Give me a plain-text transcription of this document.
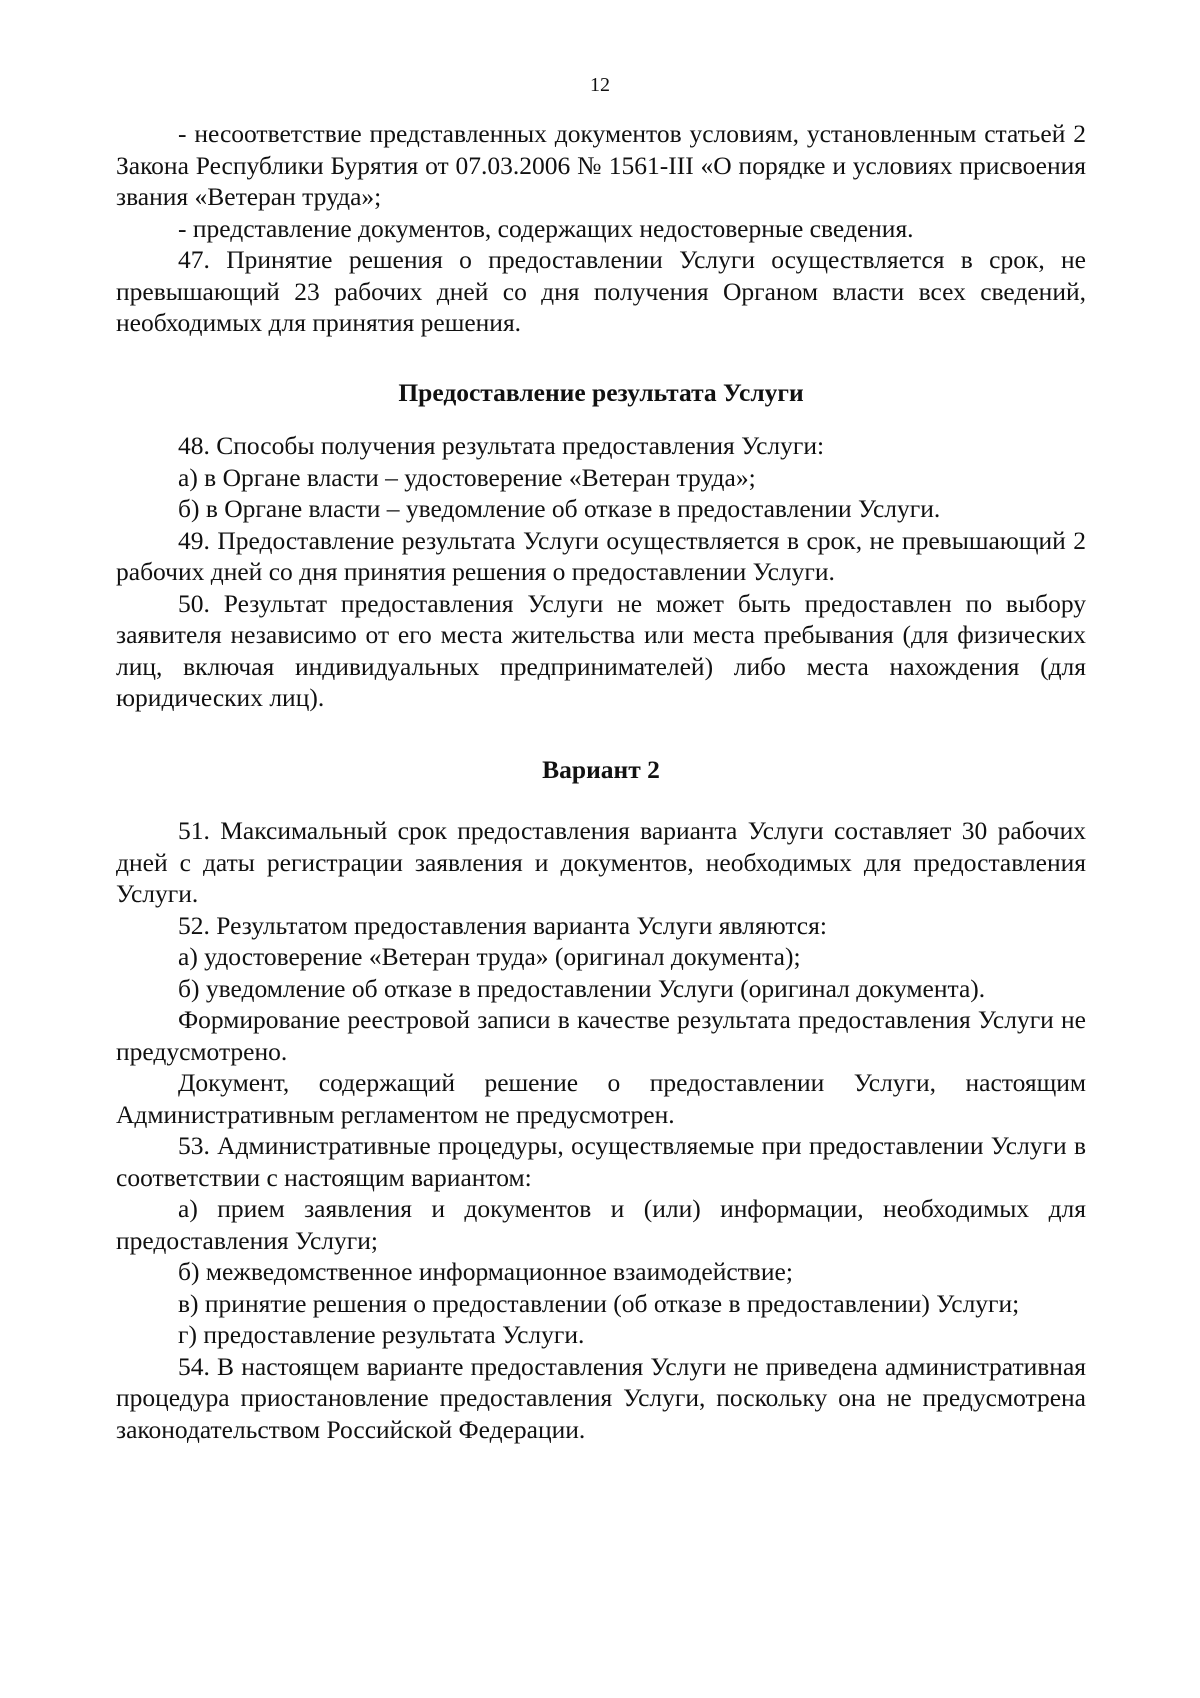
12

- несоответствие представленных документов условиям, установленным статьей 2 Закона Республики Бурятия от 07.03.2006 № 1561-III «О порядке и условиях присвоения звания «Ветеран труда»;

- представление документов, содержащих недостоверные сведения.

47. Принятие решения о предоставлении Услуги осуществляется в срок, не превышающий 23 рабочих дней со дня получения Органом власти всех сведений, необходимых для принятия решения.

Предоставление результата Услуги

48. Способы получения результата предоставления Услуги:

а) в Органе власти – удостоверение «Ветеран труда»;

б) в Органе власти – уведомление об отказе в предоставлении Услуги.

49. Предоставление результата Услуги осуществляется в срок, не превышающий 2 рабочих дней со дня принятия решения о предоставлении Услуги.

50. Результат предоставления Услуги не может быть предоставлен по выбору заявителя независимо от его места жительства или места пребывания (для физических лиц, включая индивидуальных предпринимателей) либо места нахождения (для юридических лиц).

Вариант 2

51. Максимальный срок предоставления варианта Услуги составляет 30 рабочих дней с даты регистрации заявления и документов, необходимых для предоставления Услуги.

52. Результатом предоставления варианта Услуги являются:

а) удостоверение «Ветеран труда» (оригинал документа);

б) уведомление об отказе в предоставлении Услуги (оригинал документа).

Формирование реестровой записи в качестве результата предоставления Услуги не предусмотрено.

Документ, содержащий решение о предоставлении Услуги, настоящим Административным регламентом не предусмотрен.

53. Административные процедуры, осуществляемые при предоставлении Услуги в соответствии с настоящим вариантом:

а) прием заявления и документов и (или) информации, необходимых для предоставления Услуги;

б) межведомственное информационное взаимодействие;

в) принятие решения о предоставлении (об отказе в предоставлении) Услуги;

г) предоставление результата Услуги.

54. В настоящем варианте предоставления Услуги не приведена административная процедура приостановление предоставления Услуги, поскольку она не предусмотрена законодательством Российской Федерации.
